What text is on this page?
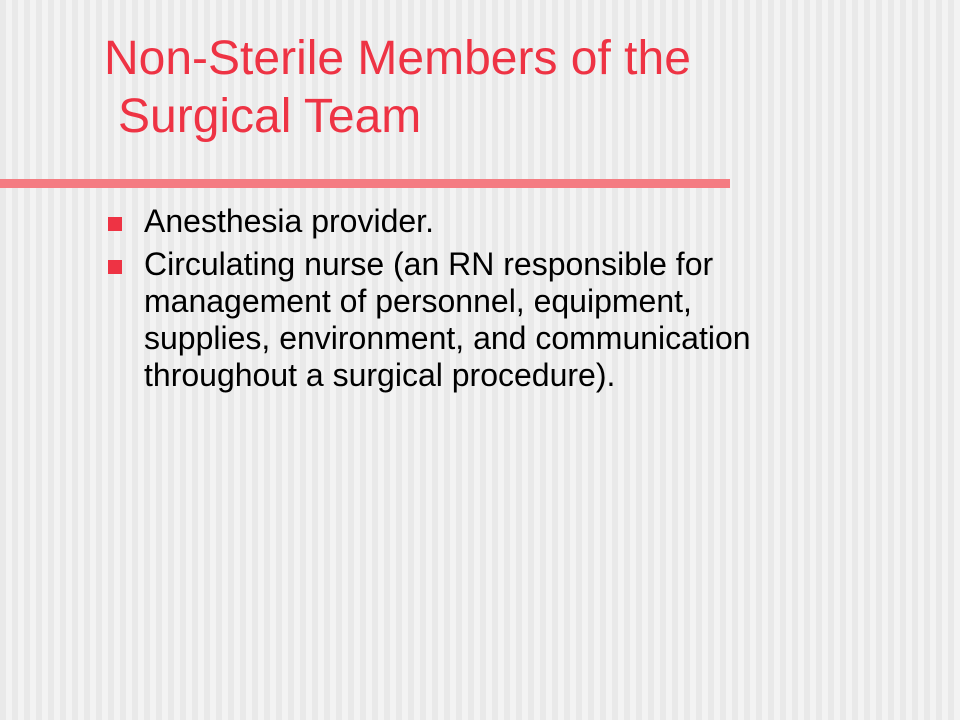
Non-Sterile Members of the
Surgical Team
Anesthesia provider.
Circulating nurse (an RN responsible for
management of personnel, equipment,
supplies, environment, and communication
throughout a surgical procedure).
